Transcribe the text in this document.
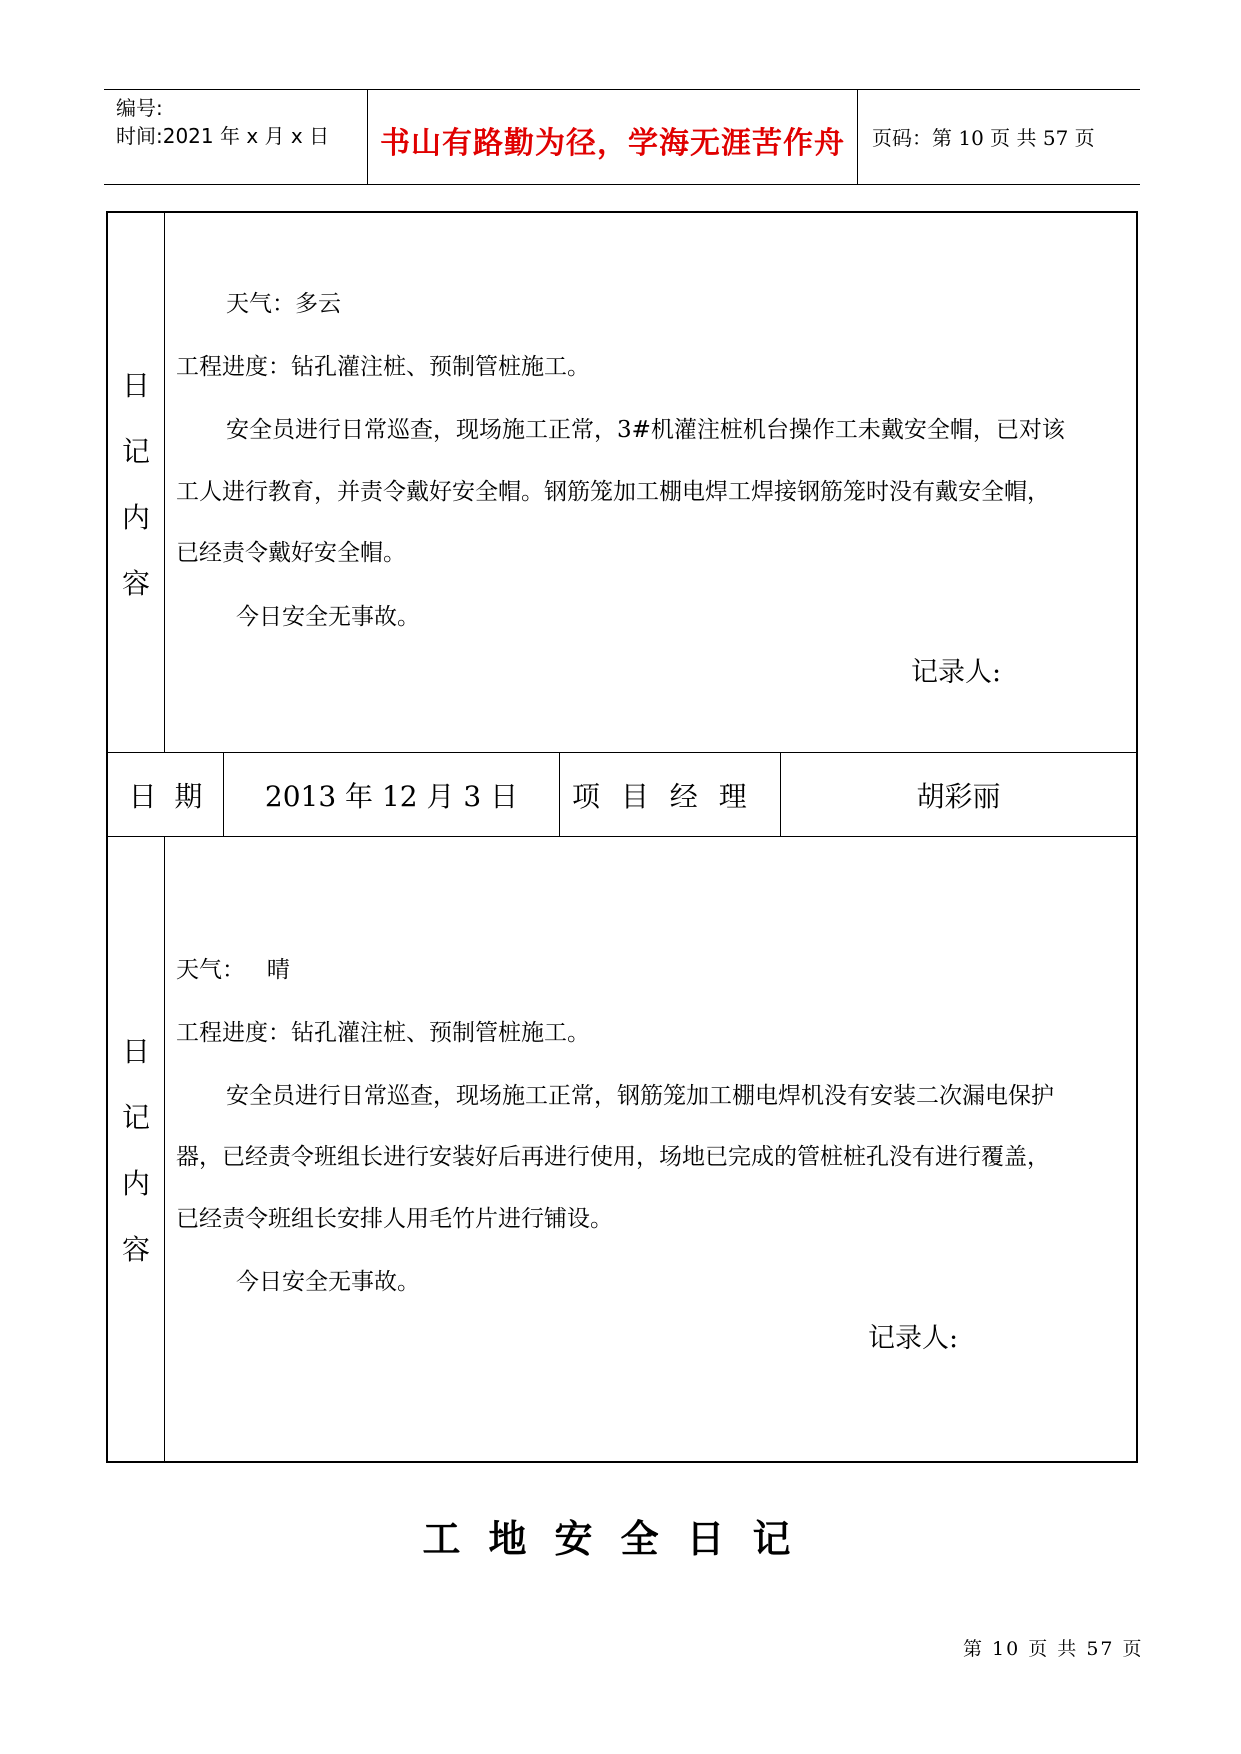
编号:
时间:2021 年 x 月 x 日	书山有路勤为径，学海无涯苦作舟	页码：第 10 页 共 57 页
日
记
内
容
天气：多云
工程进度：钻孔灌注桩、预制管桩施工。
安全员进行日常巡查，现场施工正常，3#机灌注桩机台操作工未戴安全帽，已对该
工人进行教育，并责令戴好安全帽。钢筋笼加工棚电焊工焊接钢筋笼时没有戴安全帽，
已经责令戴好安全帽。
今日安全无事故。
记录人:
日  期	2013 年 12 月 3 日	项 目 经 理	胡彩丽
日
记
内
容
天气：   晴
工程进度：钻孔灌注桩、预制管桩施工。
安全员进行日常巡查，现场施工正常，钢筋笼加工棚电焊机没有安装二次漏电保护
器，已经责令班组长进行安装好后再进行使用，场地已完成的管桩桩孔没有进行覆盖，
已经责令班组长安排人用毛竹片进行铺设。
今日安全无事故。
记录人:
工地安全日记
第 10 页 共 57 页
